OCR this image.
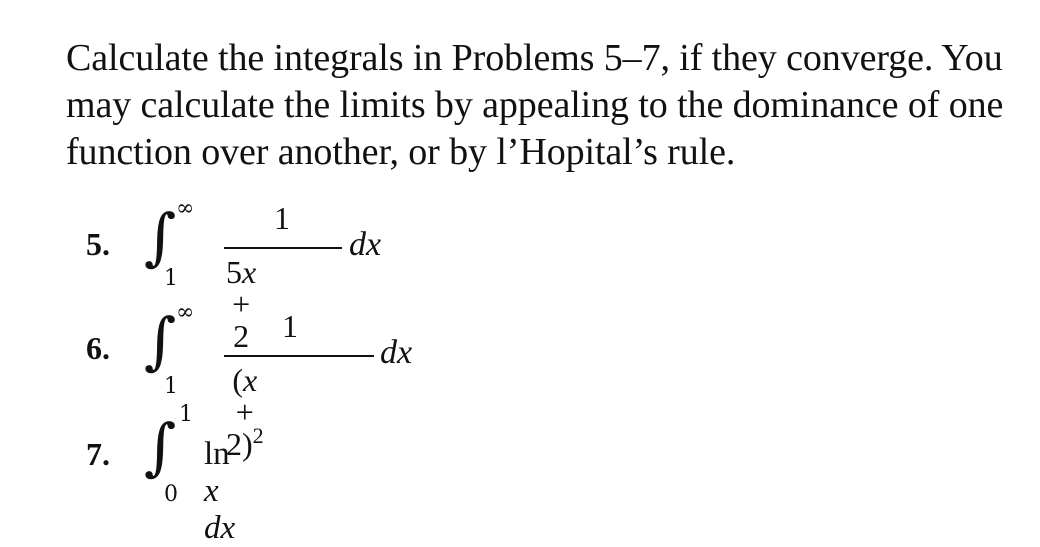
Calculate the integrals in Problems 5–7, if they converge. You may calculate the limits by appealing to the dominance of one function over another, or by l’Hopital’s rule.

5. ∫ ∞
1
1
5x + 2
dx
6. ∫ ∞
1
1
$(x + 2)^2$
dx
7. ∫ 1
0
ln x dx
